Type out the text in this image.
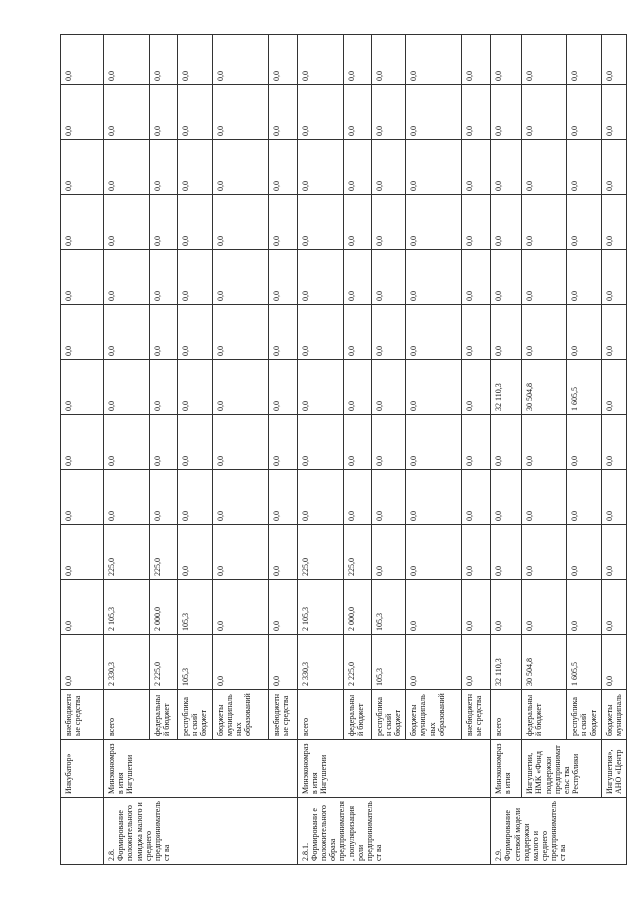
	Инкубатор»	внебюджетн ые средства	0,0	0,0	0,0	0,0	0,0	0,0	0,0	0,0	0,0	0,0	0,0	0,0
2.8. Формирование положительного имиджа малого и среднего предпринимательст ва	Минэкономразв ития Ингушетии	всего	2 330,3	2 105,3	225,0	0,0	0,0	0,0	0,0	0,0	0,0	0,0	0,0	0,0
		федеральны й бюджет	2 225,0	2 000,0	225,0	0,0	0,0	0,0	0,0	0,0	0,0	0,0	0,0	0,0
		республикан ский бюджет	105,3	105,3	0,0	0,0	0,0	0,0	0,0	0,0	0,0	0,0	0,0	0,0
		бюджеты муниципаль ных образований	0,0	0,0	0,0	0,0	0,0	0,0	0,0	0,0	0,0	0,0	0,0	0,0
		внебюджетн ые средства	0,0	0,0	0,0	0,0	0,0	0,0	0,0	0,0	0,0	0,0	0,0	0,0
2.8.1. Формировани е положительного образа предпринимателя, популяризация роли предпринимательст ва	Минэкономразв ития Ингушетии	всего	2 330,3	2 105,3	225,0	0,0	0,0	0,0	0,0	0,0	0,0	0,0	0,0	0,0
		федеральны й бюджет	2 225,0	2 000,0	225,0	0,0	0,0	0,0	0,0	0,0	0,0	0,0	0,0	0,0
		республикан ский бюджет	105,3	105,3	0,0	0,0	0,0	0,0	0,0	0,0	0,0	0,0	0,0	0,0
		бюджеты муниципаль ных образований	0,0	0,0	0,0	0,0	0,0	0,0	0,0	0,0	0,0	0,0	0,0	0,0
		внебюджетн ые средства	0,0	0,0	0,0	0,0	0,0	0,0	0,0	0,0	0,0	0,0	0,0	0,0
2.9. Формирование сетевой модели поддержки малого и среднего предпринимательст ва	Минэкономразв ития	всего	32 110,3	0,0	0,0	0,0	0,0	32 110,3	0,0	0,0	0,0	0,0	0,0	0,0
	Ингушетии, НМК «Фонд поддержки предпринимательс тва Республики	федеральны й бюджет	30 504,8	0,0	0,0	0,0	0,0	30 504,8	0,0	0,0	0,0	0,0	0,0	0,0
		республикан ский бюджет	1 605,5	0,0	0,0	0,0	0,0	1 605,5	0,0	0,0	0,0	0,0	0,0	0,0
	Ингушетия», АНО «Центр	бюджеты муниципаль	0,0	0,0	0,0	0,0	0,0	0,0	0,0	0,0	0,0	0,0	0,0	0,0
